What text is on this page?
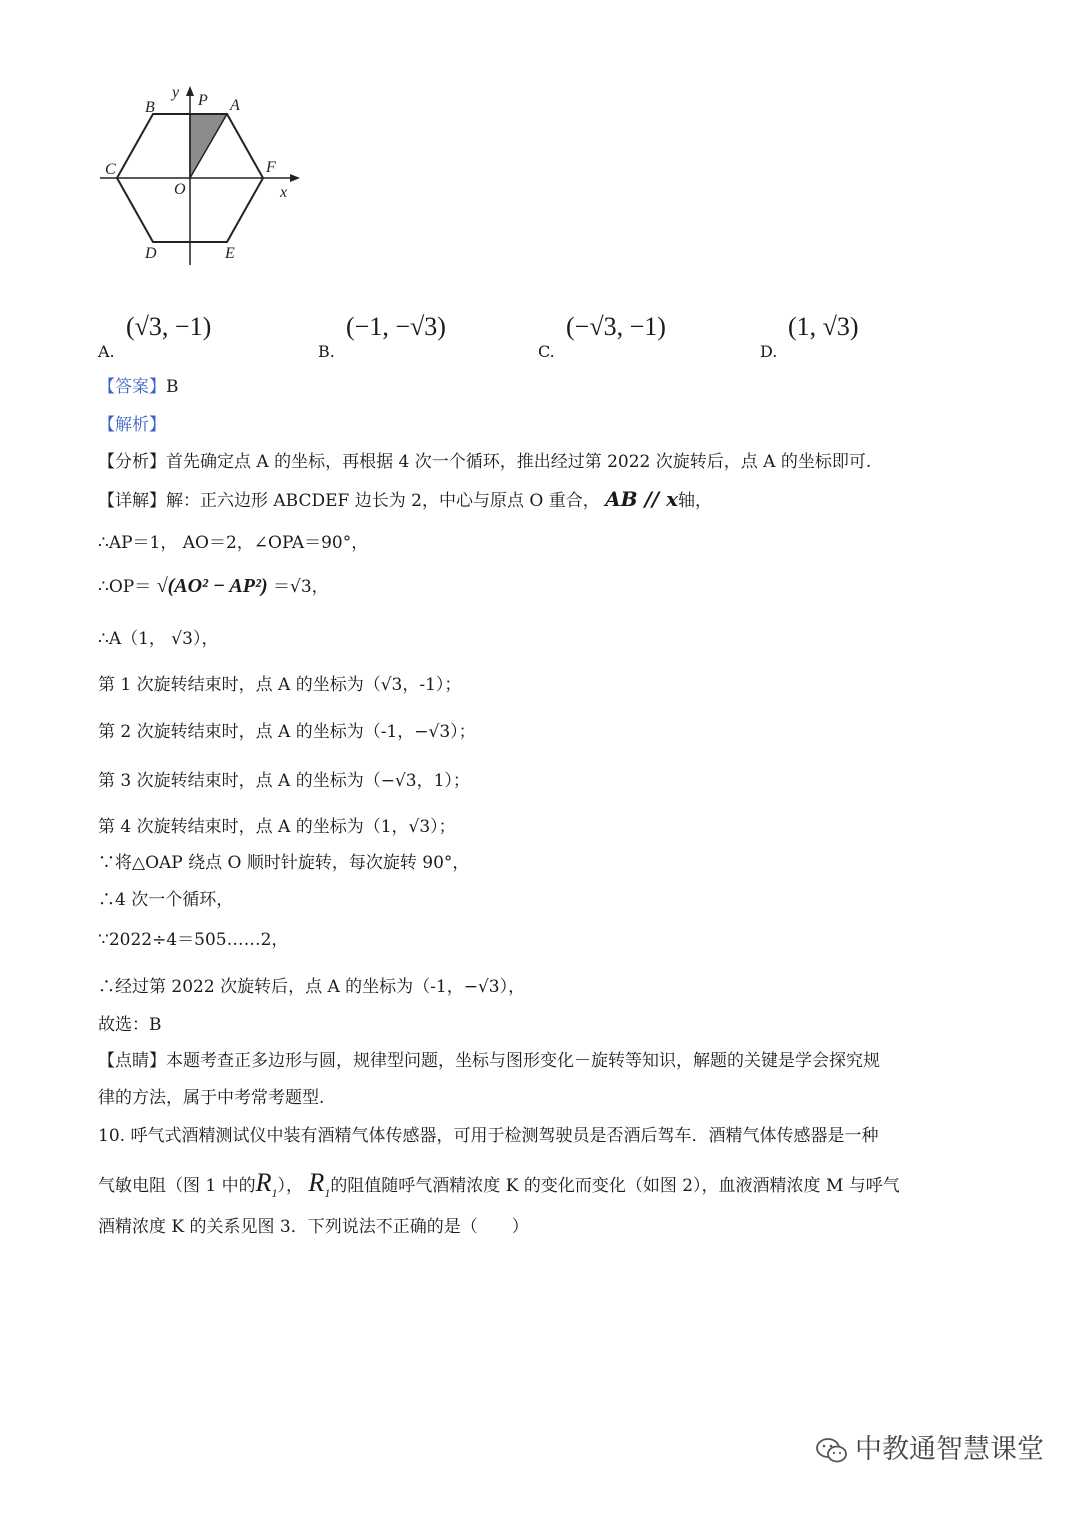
y P A
B
C	F
O	x
D	E
A.
(√3, −1)
B.
(−1, −√3)
C.
(−√3, −1)
D.
(1, √3)
【答案】B
【解析】
【分析】首先确定点 A 的坐标，再根据 4 次一个循环，推出经过第 2022 次旋转后，点 A 的坐标即可.
【详解】解：正六边形 ABCDEF 边长为 2，中心与原点 O 重合， AB // x轴，
∴AP＝1， AO＝2，∠OPA＝90°，
∴OP＝ √(AO² − AP²) ＝√3，
∴A（1， √3），
第 1 次旋转结束时，点 A 的坐标为（√3，-1）；
第 2 次旋转结束时，点 A 的坐标为（-1，−√3）；
第 3 次旋转结束时，点 A 的坐标为（−√3，1）；
第 4 次旋转结束时，点 A 的坐标为（1，√3）；
∵将△OAP 绕点 O 顺时针旋转，每次旋转 90°，
∴4 次一个循环，
∵2022÷4＝505……2，
∴经过第 2022 次旋转后，点 A 的坐标为（-1，−√3），
故选：B
【点睛】本题考查正多边形与圆，规律型问题，坐标与图形变化－旋转等知识，解题的关键是学会探究规
律的方法，属于中考常考题型.
10. 呼气式酒精测试仪中装有酒精气体传感器，可用于检测驾驶员是否酒后驾车．酒精气体传感器是一种
气敏电阻（图 1 中的$R_1$）， $R_1$的阻值随呼气酒精浓度 K 的变化而变化（如图 2），血液酒精浓度 M 与呼气
酒精浓度 K 的关系见图 3．下列说法不正确的是（　　）
中教通智慧课堂
